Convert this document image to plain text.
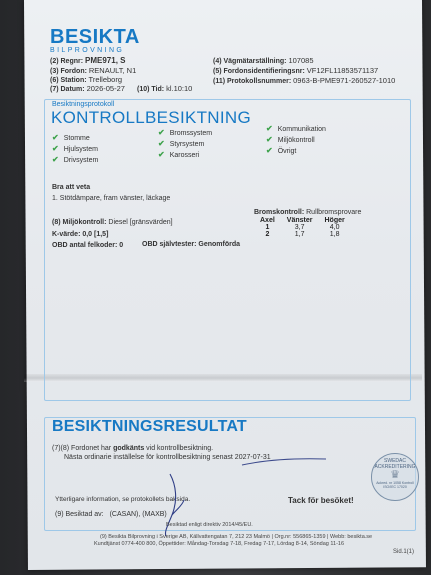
BESIKTA
BILPROVNING
(2) Regnr: PME971, S
(3) Fordon: RENAULT, N1
(6) Station: Trelleborg
(7) Datum: 2026-05-27 (10) Tid: kl.10:10
(4) Vägmätarställning: 107085
(5) Fordonsidentifieringsnr: VF12FL11853571137
(11) Protokollsnummer: 0963-B-PME971-260527-1010
Besiktningsprotokoll
KONTROLLBESIKTNING
✔ Stomme
✔ Hjulsystem
✔ Drivsystem
✔ Bromssystem
✔ Styrsystem
✔ Karosseri
✔ Kommunikation
✔ Miljökontroll
✔ Övrigt
Bra att veta
1. Stötdämpare, fram vänster, läckage
(8) Miljökontroll: Diesel [gränsvärden]
K-värde: 0,0 [1,5]
OBD antal felkoder: 0	OBD självtester: Genomförda
Bromskontroll: Rullbromsprovare
Axel	Vänster	Höger
1	3,7	4,0
2	1,7	1,8
BESIKTNINGSRESULTAT
(7)(8) Fordonet har godkänts vid kontrollbesiktning.
Nästa ordinarie inställelse för kontrollbesiktning senast 2027-07-31
Ytterligare information, se protokollets baksida.	Tack för besöket!
(9) Besiktad av: (CASAN), (MAXB)
SWEDAC ACKREDITERING
♛
Ackred. nr 1058 Kontroll ISO/IEC 17020
Besiktad enligt direktiv 2014/45/EU.
(9) Besikta Bilprovning i Sverige AB, Källvattengatan 7, 212 23 Malmö | Org.nr: 556865-1359 | Webb: besikta.se
Kundtjänst 0774-400 800, Öppettider: Måndag-Torsdag 7-18, Fredag 7-17, Lördag 8-14, Söndag 11-16
Sid.1(1)
